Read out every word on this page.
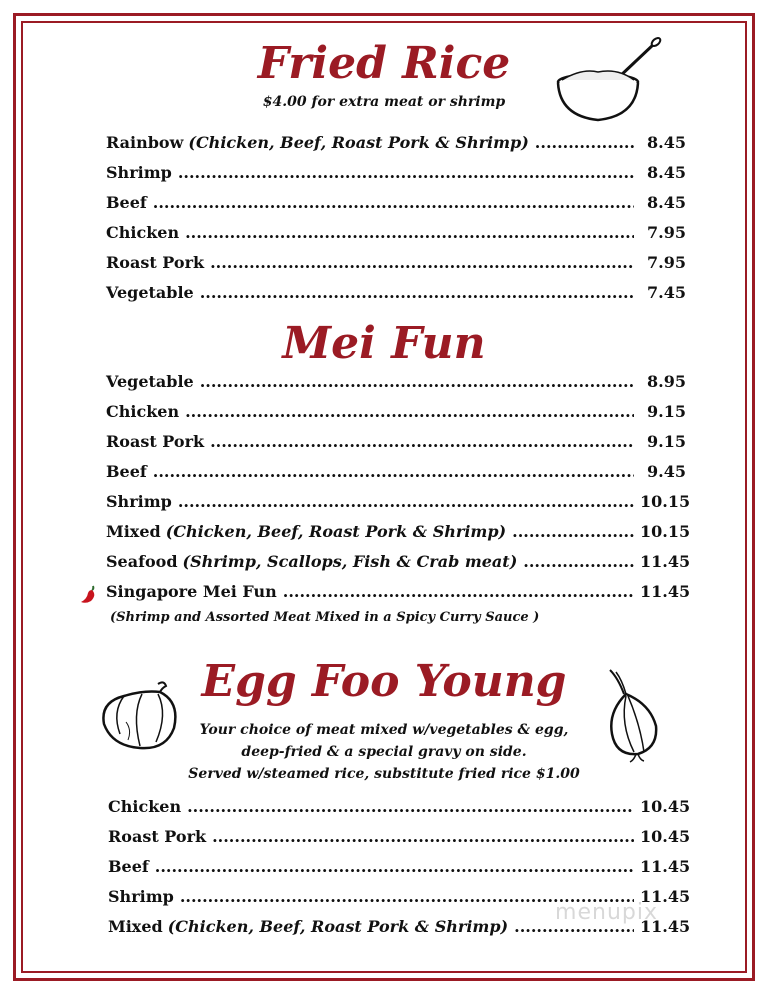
Fried Rice

$4.00 for extra meat or shrimp

Rainbow (Chicken, Beef, Roast Pork & Shrimp) .....	8.45
Shrimp .....	8.45
Beef .....	8.45
Chicken .....	7.95
Roast Pork .....	7.95
Vegetable .....	7.45
Mei Fun
Vegetable .....	8.95
Chicken .....	9.15
Roast Pork .....	9.15
Beef .....	9.45
Shrimp .....	10.15
Mixed (Chicken, Beef, Roast Pork & Shrimp) .....	10.15
Seafood (Shrimp, Scallops, Fish & Crab meat) .....	11.45
Singapore Mei Fun .....	11.45
(Shrimp and Assorted Meat Mixed in a Spicy Curry Sauce )
Egg Foo Young
Your choice of meat mixed w/vegetables & egg,
deep-fried & a special gravy on side.
Served w/steamed rice, substitute fried rice $1.00
Chicken .....	10.45
Roast Pork .....	10.45
Beef .....	11.45
Shrimp .....	11.45
Mixed (Chicken, Beef, Roast Pork & Shrimp) .....	11.45
menupix
